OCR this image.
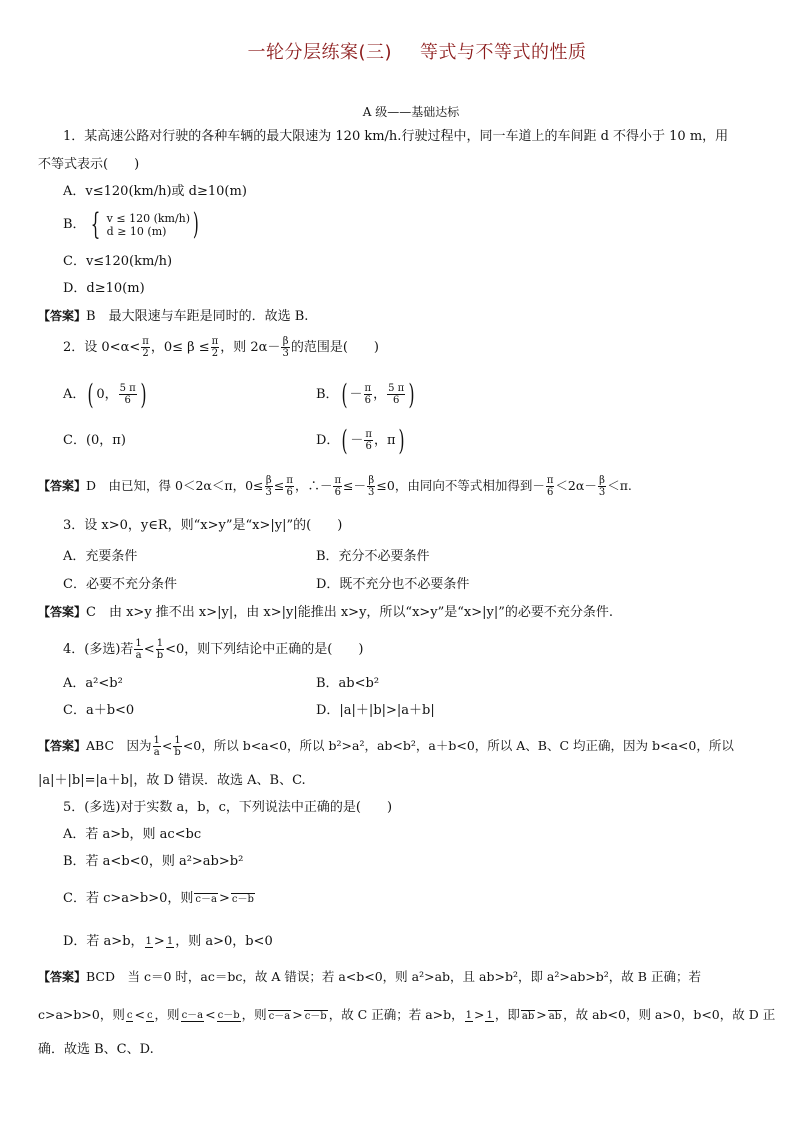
一轮分层练案(三) 等式与不等式的性质
A 级——基础达标
1．某高速公路对行驶的各种车辆的最大限速为 120 km/h.行驶过程中，同一车道上的车间距 d 不得小于 10 m，用
不等式表示(　　)
A．v≤120(km/h)或 d≥10(m)
B． { v ≤ 120 (km/h)
d ≥ 10 (m) )
C．v≤120(km/h)
D．d≥10(m)
【答案】B　最大限速与车距是同时的．故选 B.
2．设 $0<\alpha< \frac{\pi}{2}$ ，$0\le \beta \le \frac{\pi}{2}$ ，则 $2\alpha- \frac{\beta}{3}$ 的范围是(　　)
A．( 0， $\frac{5 \pi}{6}$ )	B．( － $\frac{\pi}{6}$ ， $\frac{5 \pi}{6}$ )
C．(0，π)	D．( － $\frac{\pi}{6}$ ，π)
【答案】D　由已知，得 0＜2α＜π，$0\le \frac{\beta}{3} \le \frac{\pi}{6}$ ，∴－ $\frac{\pi}{6} \le- \frac{\beta}{3} \le 0$，由同向不等式相加得到－ $\frac{\pi}{6} <2\alpha- \frac{\beta}{3} <\pi$.
3．设 x>0，y∈R，则“x>y”是“x>|y|”的(　　)
A．充要条件	B．充分不必要条件
C．必要不充分条件	D．既不充分也不必要条件
【答案】C　由 x>y 推不出 x>|y|，由 x>|y|能推出 x>y，所以“x>y”是“x>|y|”的必要不充分条件.
4．(多选)若 $\frac{1}{a} < \frac{1}{b} <0$，则下列结论中正确的是(　　)
A．a²<b²	B．ab<b²
C．a＋b<0	D．|a|＋|b|>|a＋b|
【答案】ABC　因为 $\frac{1}{a} < \frac{1}{b} <0$，所以 b<a<0，所以 b²>a²，ab<b²，a＋b<0，所以 A、B、C 均正确，因为 b<a<0，所以
|a|＋|b|=|a＋b|，故 D 错误．故选 A、B、C.
5．(多选)对于实数 a，b，c，下列说法中正确的是(　　)
A．若 a>b，则 ac<bc
B．若 a<b<0，则 a²>ab>b²
C．若 c>a>b>0，则 c－a > c－b
D．若 a>b， 1 > 1 ，则 a>0，b<0
【答案】BCD　当 c＝0 时，ac＝bc，故 A 错误；若 a<b<0，则 a²>ab，且 ab>b²，即 a²>ab>b²，故 B 正确；若
c>a>b>0，则 c < c ，则 c－a < c－b ，则 c－a > c－b ，故 C 正确；若 a>b， 1 > 1 ，即 ab > ab ，故 ab<0，则 a>0，b<0，故 D 正
确．故选 B、C、D.
